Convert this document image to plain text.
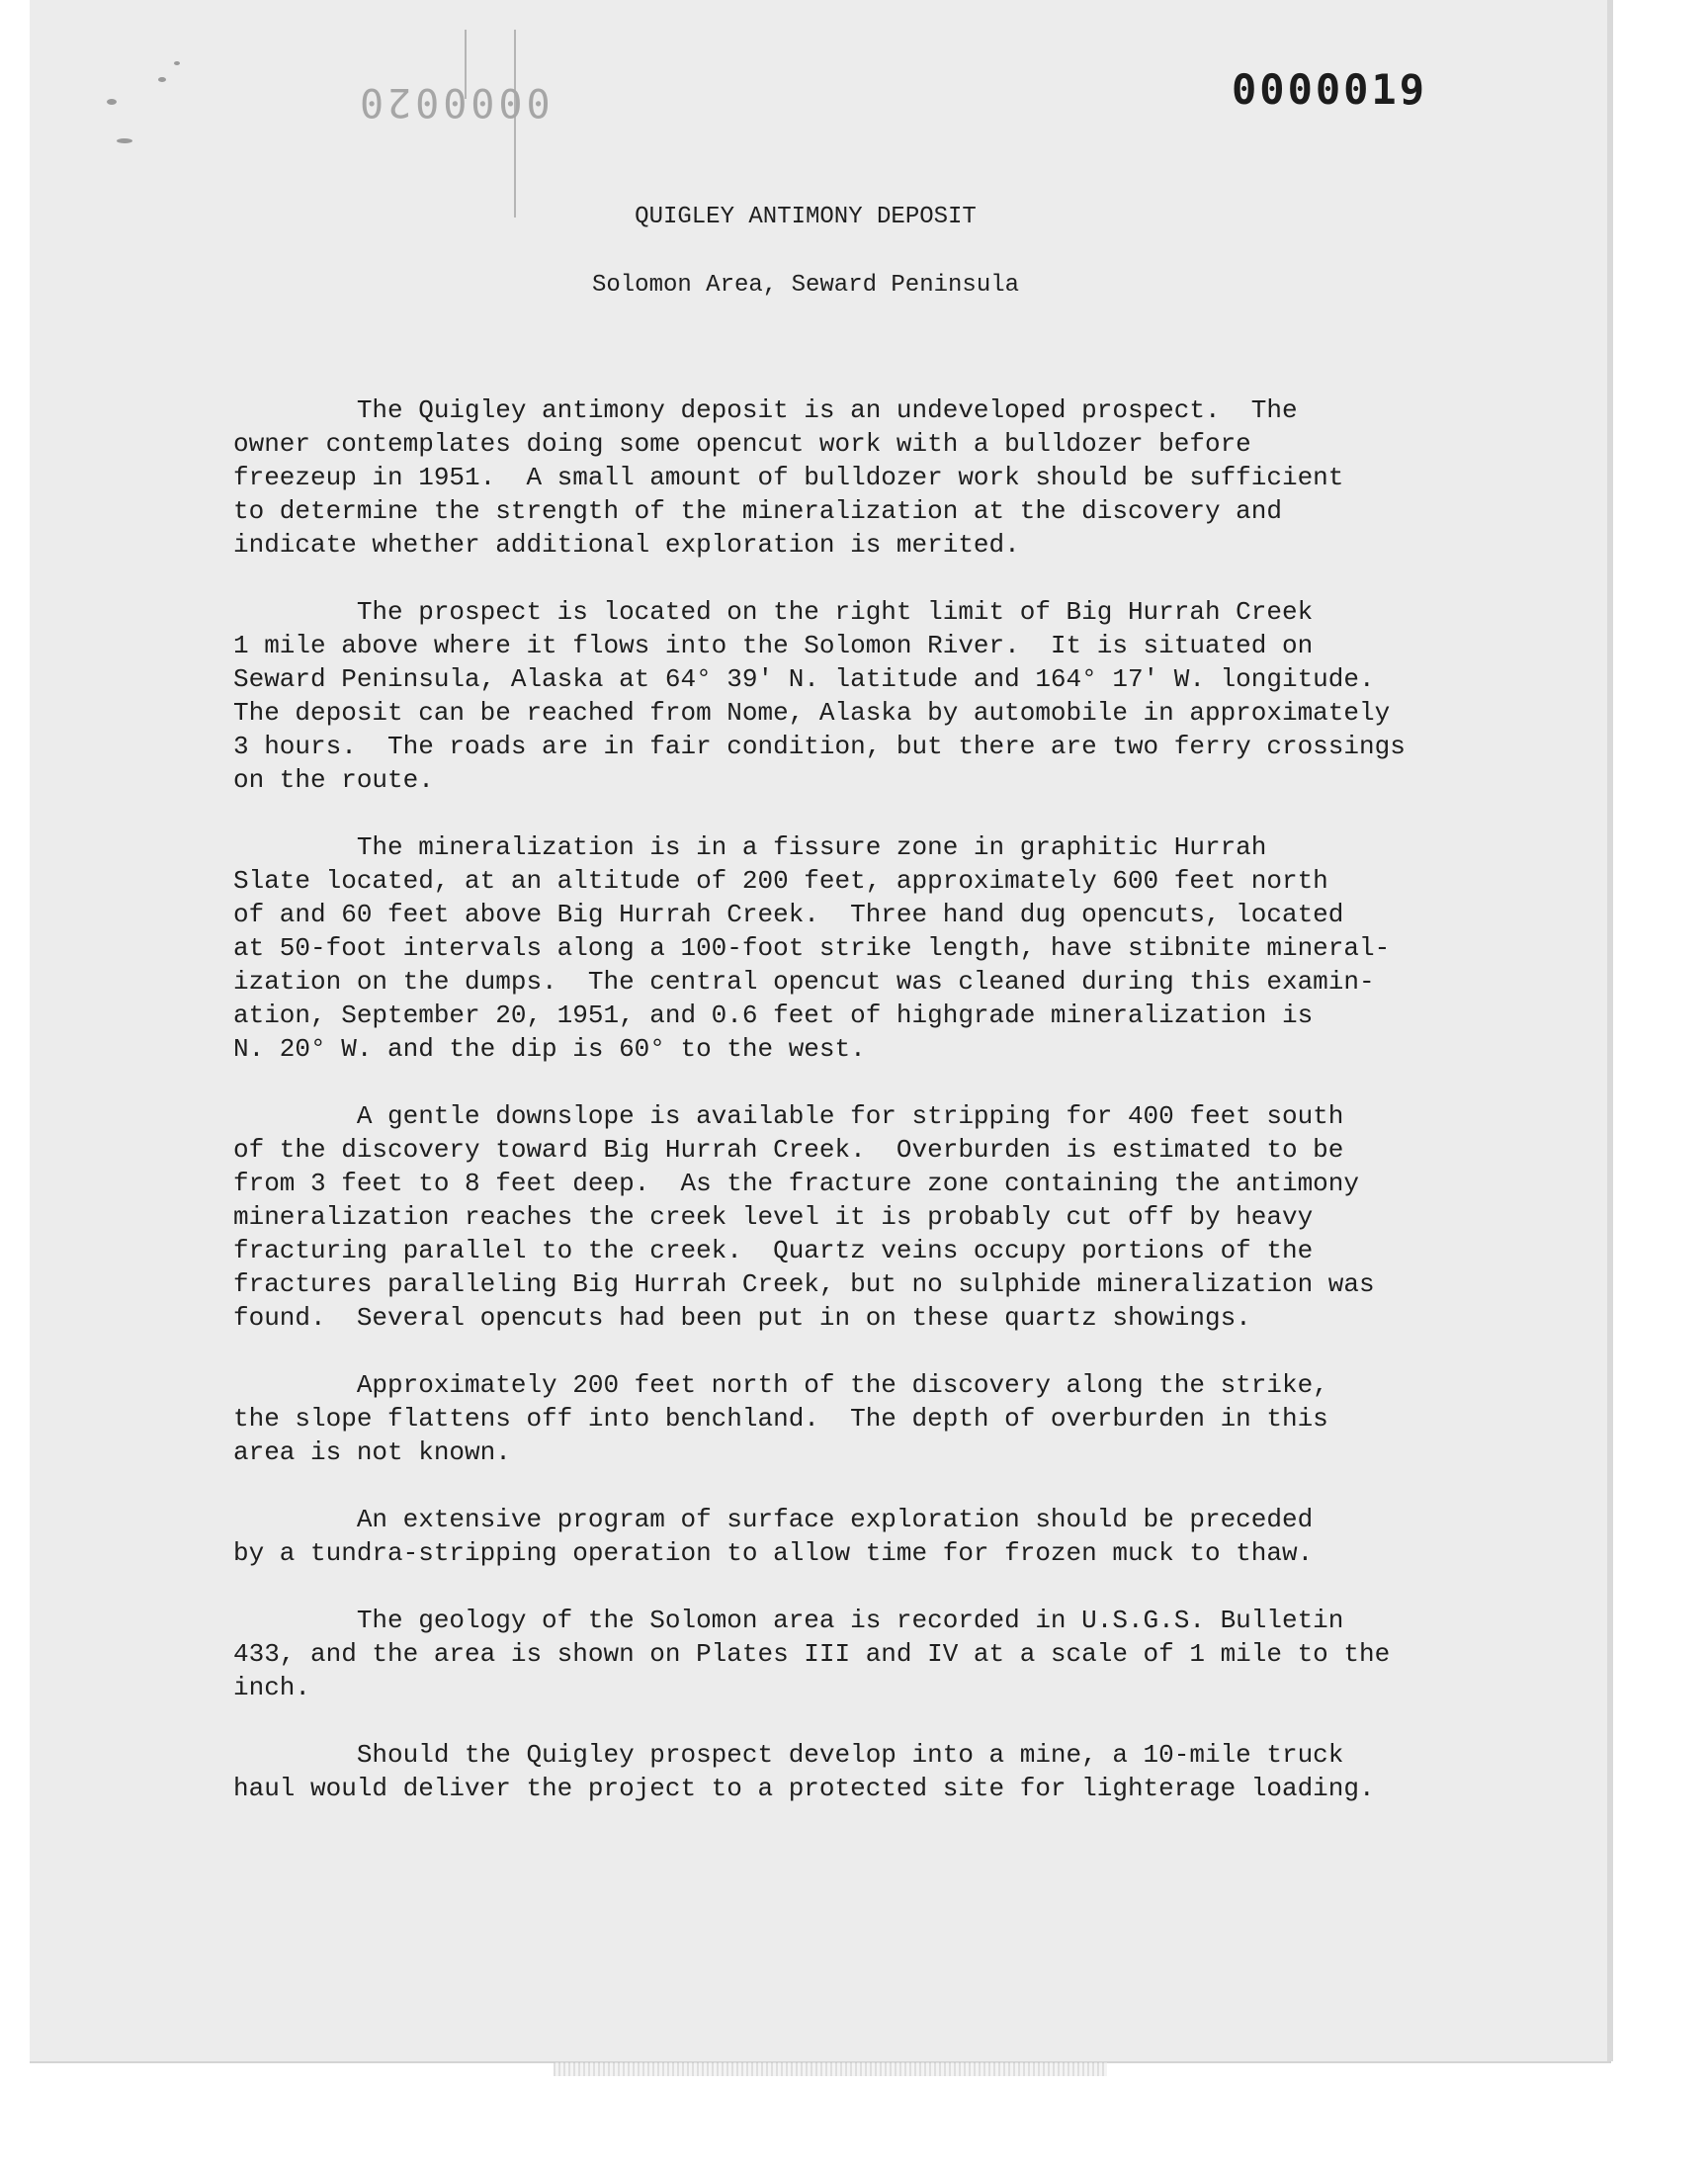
0000020	0000019
QUIGLEY ANTIMONY DEPOSIT
Solomon Area, Seward Peninsula
The Quigley antimony deposit is an undeveloped prospect.  The
owner contemplates doing some opencut work with a bulldozer before
freezeup in 1951.  A small amount of bulldozer work should be sufficient
to determine the strength of the mineralization at the discovery and
indicate whether additional exploration is merited.
The prospect is located on the right limit of Big Hurrah Creek
1 mile above where it flows into the Solomon River.  It is situated on
Seward Peninsula, Alaska at 64° 39' N. latitude and 164° 17' W. longitude.
The deposit can be reached from Nome, Alaska by automobile in approximately
3 hours.  The roads are in fair condition, but there are two ferry crossings
on the route.
The mineralization is in a fissure zone in graphitic Hurrah
Slate located, at an altitude of 200 feet, approximately 600 feet north
of and 60 feet above Big Hurrah Creek.  Three hand dug opencuts, located
at 50-foot intervals along a 100-foot strike length, have stibnite mineral-
ization on the dumps.  The central opencut was cleaned during this examin-
ation, September 20, 1951, and 0.6 feet of highgrade mineralization is
N. 20° W. and the dip is 60° to the west.
A gentle downslope is available for stripping for 400 feet south
of the discovery toward Big Hurrah Creek.  Overburden is estimated to be
from 3 feet to 8 feet deep.  As the fracture zone containing the antimony
mineralization reaches the creek level it is probably cut off by heavy
fracturing parallel to the creek.  Quartz veins occupy portions of the
fractures paralleling Big Hurrah Creek, but no sulphide mineralization was
found.  Several opencuts had been put in on these quartz showings.
Approximately 200 feet north of the discovery along the strike,
the slope flattens off into benchland.  The depth of overburden in this
area is not known.
An extensive program of surface exploration should be preceded
by a tundra-stripping operation to allow time for frozen muck to thaw.
The geology of the Solomon area is recorded in U.S.G.S. Bulletin
433, and the area is shown on Plates III and IV at a scale of 1 mile to the
inch.
Should the Quigley prospect develop into a mine, a 10-mile truck
haul would deliver the project to a protected site for lighterage loading.
